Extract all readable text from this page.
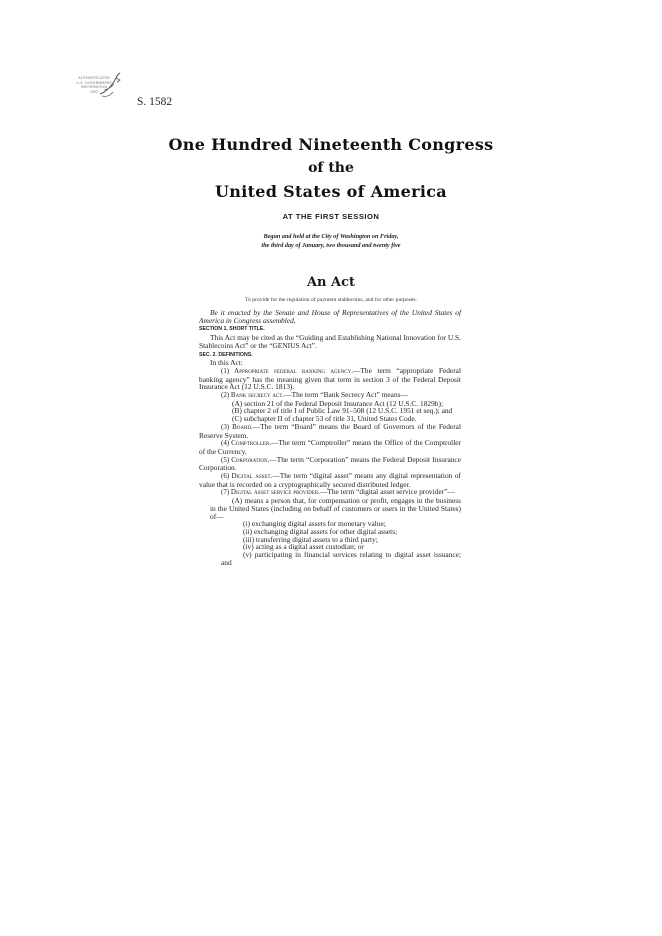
AUTHENTICATED
U.S. GOVERNMENT
INFORMATION
GPO
S. 1582
One Hundred Nineteenth Congress
of the
United States of America
AT THE FIRST SESSION
Begun and held at the City of Washington on Friday,
the third day of January, two thousand and twenty five
An Act
To provide for the regulation of payment stablecoins, and for other purposes.

Be it enacted by the Senate and House of Representatives of the United States of America in Congress assembled,

SECTION 1. SHORT TITLE.

This Act may be cited as the “Guiding and Establishing National Innovation for U.S. Stablecoins Act” or the “GENIUS Act”.

SEC. 2. DEFINITIONS.

In this Act:

(1) Appropriate federal banking agency.—The term “appropriate Federal banking agency” has the meaning given that term in section 3 of the Federal Deposit Insurance Act (12 U.S.C. 1813).

(2) Bank secrecy act.—The term “Bank Secrecy Act” means—

(A) section 21 of the Federal Deposit Insurance Act (12 U.S.C. 1829b);

(B) chapter 2 of title I of Public Law 91–508 (12 U.S.C. 1951 et seq.); and

(C) subchapter II of chapter 53 of title 31, United States Code.

(3) Board.—The term “Board” means the Board of Governors of the Federal Reserve System.

(4) Comptroller.—The term “Comptroller” means the Office of the Comptroller of the Currency.

(5) Corporation.—The term “Corporation” means the Federal Deposit Insurance Corporation.

(6) Digital asset.—The term “digital asset” means any digital representation of value that is recorded on a cryptographically secured distributed ledger.

(7) Digital asset service provider.—The term “digital asset service provider”—

(A) means a person that, for compensation or profit, engages in the business in the United States (including on behalf of customers or users in the United States) of—

(i) exchanging digital assets for monetary value;

(ii) exchanging digital assets for other digital assets;

(iii) transferring digital assets to a third party;

(iv) acting as a digital asset custodian; or

(v) participating in financial services relating to digital asset issuance; and
